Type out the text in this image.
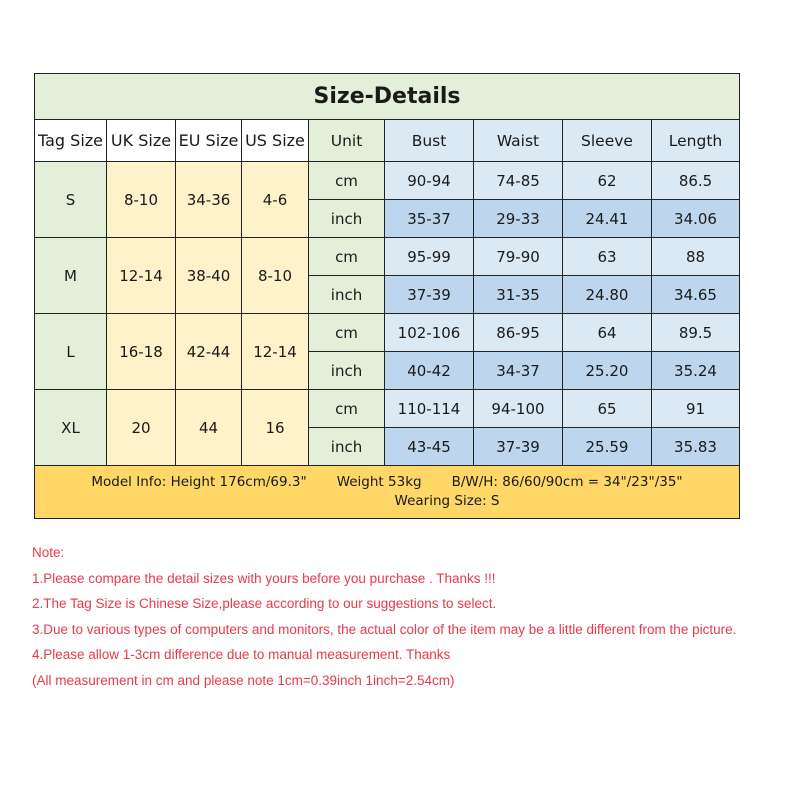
Size-Details								
Tag Size	UK Size	EU Size	US Size	Unit	Bust	Waist	Sleeve	Length
S	8-10	34-36	4-6	cm	90-94	74-85	62	86.5
				inch	35-37	29-33	24.41	34.06
M	12-14	38-40	8-10	cm	95-99	79-90	63	88
				inch	37-39	31-35	24.80	34.65
L	16-18	42-44	12-14	cm	102-106	86-95	64	89.5
				inch	40-42	34-37	25.20	35.24
XL	20	44	16	cm	110-114	94-100	65	91
				inch	43-45	37-39	25.59	35.83

Model Info: Height 176cm/69.3" Weight 53kg B/W/H: 86/60/90cm = 34"/23"/35"
Wearing Size: S								
Note:
1.Please compare the detail sizes with yours before you purchase . Thanks !!!
2.The Tag Size is Chinese Size,please according to our suggestions to select.
3.Due to various types of computers and monitors, the actual color of the item may be a little different from the picture.
4.Please allow 1-3cm difference due to manual measurement. Thanks
(All measurement in cm and please note 1cm=0.39inch 1inch=2.54cm)
